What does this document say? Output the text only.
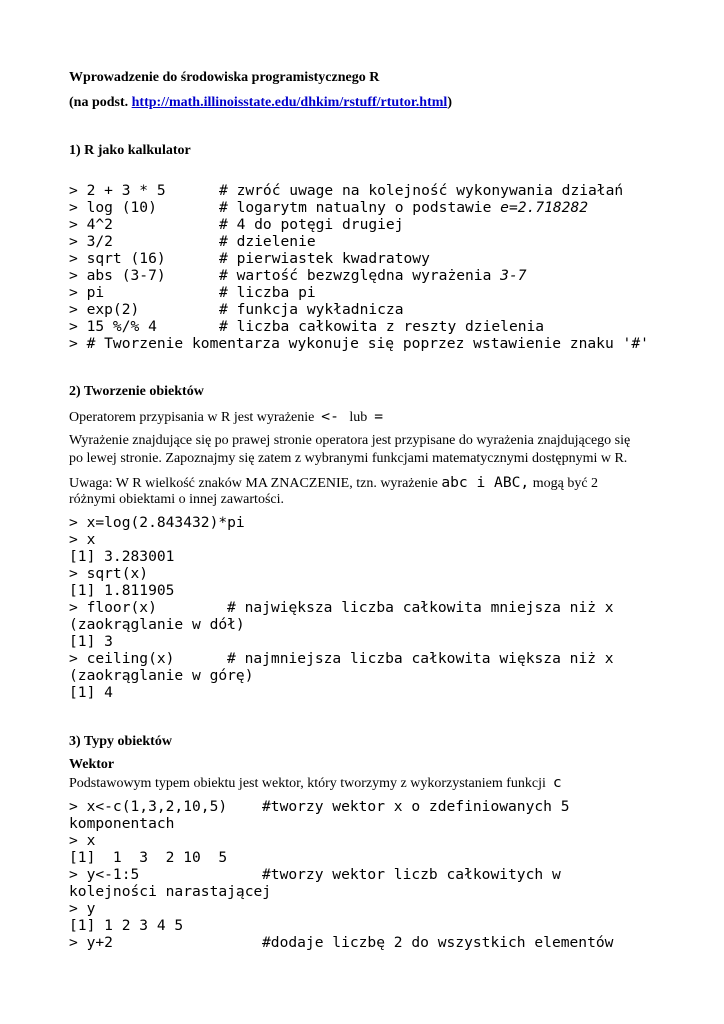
Wprowadzenie do środowiska programistycznego R
(na podst. http://math.illinoisstate.edu/dhkim/rstuff/rtutor.html)
1) R jako kalkulator
> 2 + 3 * 5	# zwróć uwage na kolejność wykonywania działań
> log (10)	# logarytm natualny o podstawie e=2.718282
> 4^2	# 4 do potęgi drugiej
> 3/2	# dzielenie
> sqrt (16)	# pierwiastek kwadratowy
> abs (3-7)	# wartość bezwzględna wyrażenia 3-7
> pi	# liczba pi
> exp(2)	# funkcja wykładnicza
> 15 %/% 4	# liczba całkowita z reszty dzielenia
> # Tworzenie komentarza wykonuje się poprzez wstawienie znaku '#'
2) Tworzenie obiektów
Operatorem przypisania w R jest wyrażenie <- lub =
Wyrażenie znajdujące się po prawej stronie operatora jest przypisane do wyrażenia znajdującego się
po lewej stronie. Zapoznajmy się zatem z wybranymi funkcjami matematycznymi dostępnymi w R.
Uwaga: W R wielkość znaków MA ZNACZENIE, tzn. wyrażenie abc i ABC, mogą być 2
różnymi obiektami o innej zawartości.
> x=log(2.843432)*pi
> x
[1] 3.283001
> sqrt(x)
[1] 1.811905
> floor(x)	# największa liczba całkowita mniejsza niż x
(zaokrąglanie w dół)
[1] 3
> ceiling(x)	# najmniejsza liczba całkowita większa niż x
(zaokrąglanie w górę)
[1] 4
3) Typy obiektów
Wektor
Podstawowym typem obiektu jest wektor, który tworzymy z wykorzystaniem funkcji c
> x<-c(1,3,2,10,5) #tworzy wektor x o zdefiniowanych 5
komponentach
> x
[1]  1  3  2 10  5
> y<-1:5	#tworzy wektor liczb całkowitych w
kolejności narastającej
> y
[1] 1 2 3 4 5
> y+2	#dodaje liczbę 2 do wszystkich elementów
